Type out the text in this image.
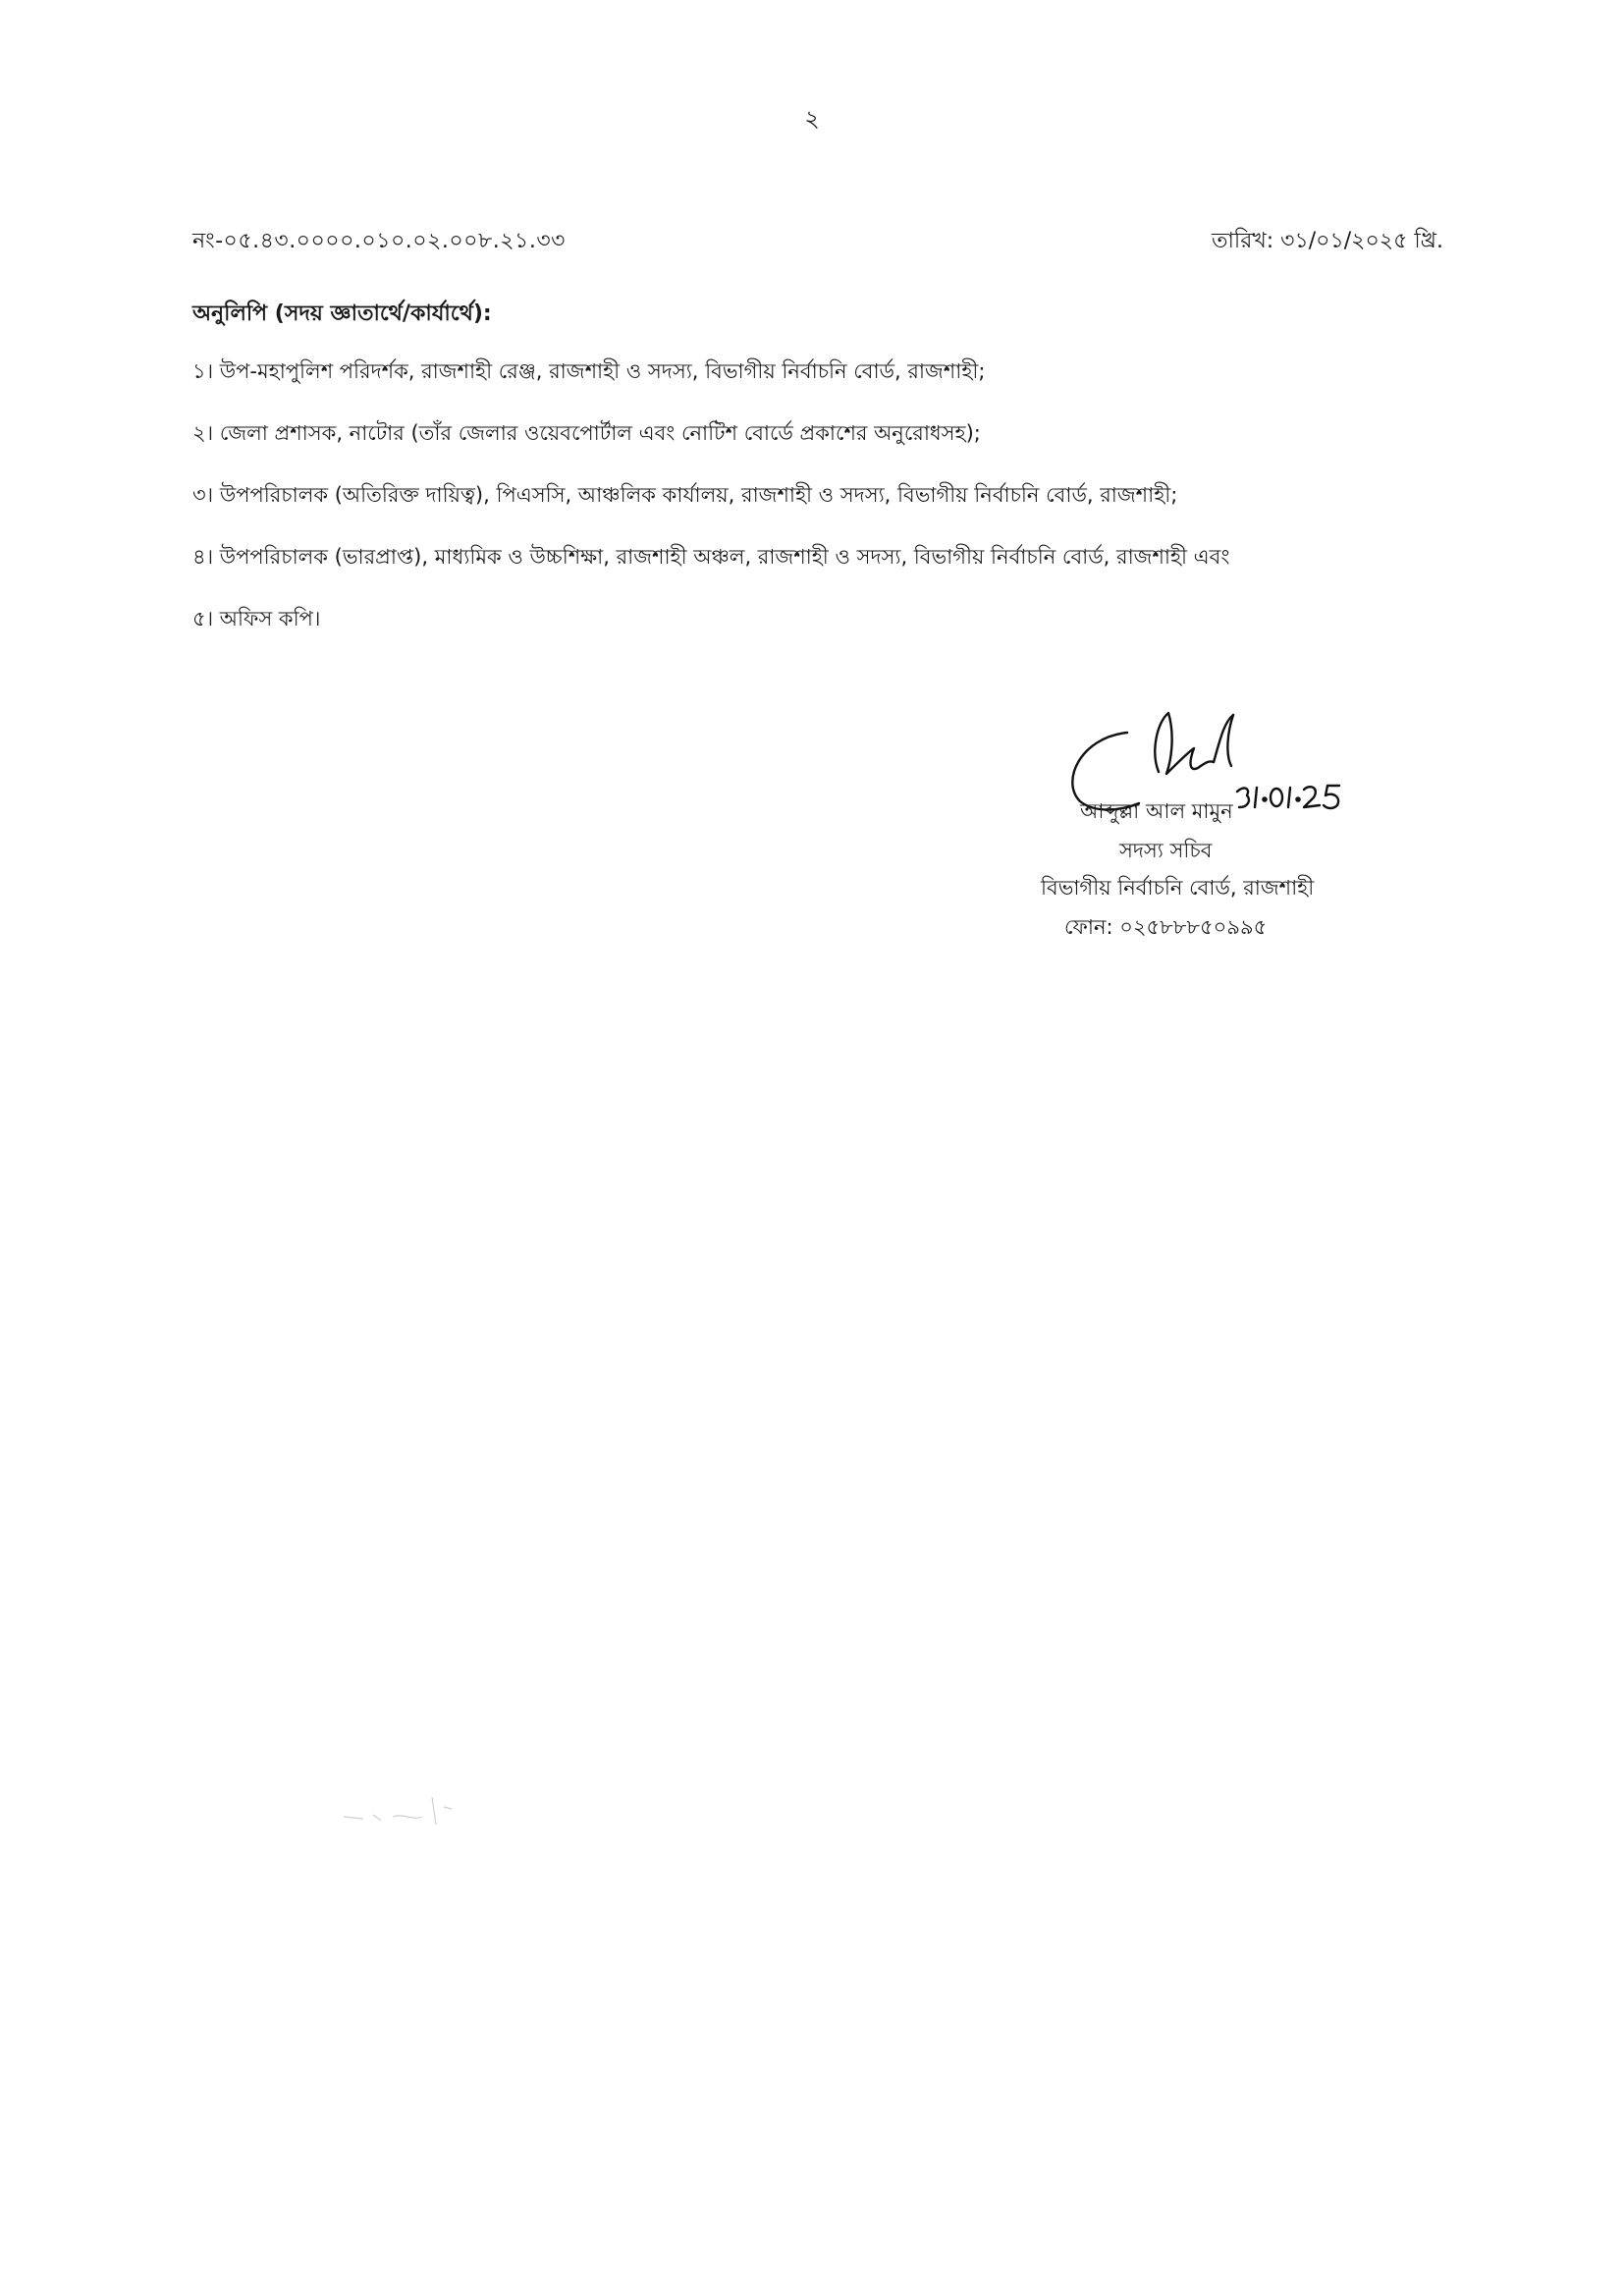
২
নং-০৫.৪৩.০০০০.০১০.০২.০০৮.২১.৩৩	তারিখ: ৩১/০১/২০২৫ খ্রি.
অনুলিপি (সদয় জ্ঞাতার্থে/কার্যার্থে):
১। উপ-মহাপুলিশ পরিদর্শক, রাজশাহী রেঞ্জ, রাজশাহী ও সদস্য, বিভাগীয় নির্বাচনি বোর্ড, রাজশাহী;
২। জেলা প্রশাসক, নাটোর (তাঁর জেলার ওয়েবপোর্টাল এবং নোটিশ বোর্ডে প্রকাশের অনুরোধসহ);
৩। উপপরিচালক (অতিরিক্ত দায়িত্ব), পিএসসি, আঞ্চলিক কার্যালয়, রাজশাহী ও সদস্য, বিভাগীয় নির্বাচনি বোর্ড, রাজশাহী;
৪। উপপরিচালক (ভারপ্রাপ্ত), মাধ্যমিক ও উচ্চশিক্ষা, রাজশাহী অঞ্চল, রাজশাহী ও সদস্য, বিভাগীয় নির্বাচনি বোর্ড, রাজশাহী এবং
৫। অফিস কপি।
আব্দুল্লা আল মামুন
সদস্য সচিব
বিভাগীয় নির্বাচনি বোর্ড, রাজশাহী
ফোন: ০২৫৮৮৮৫০৯৯৫
